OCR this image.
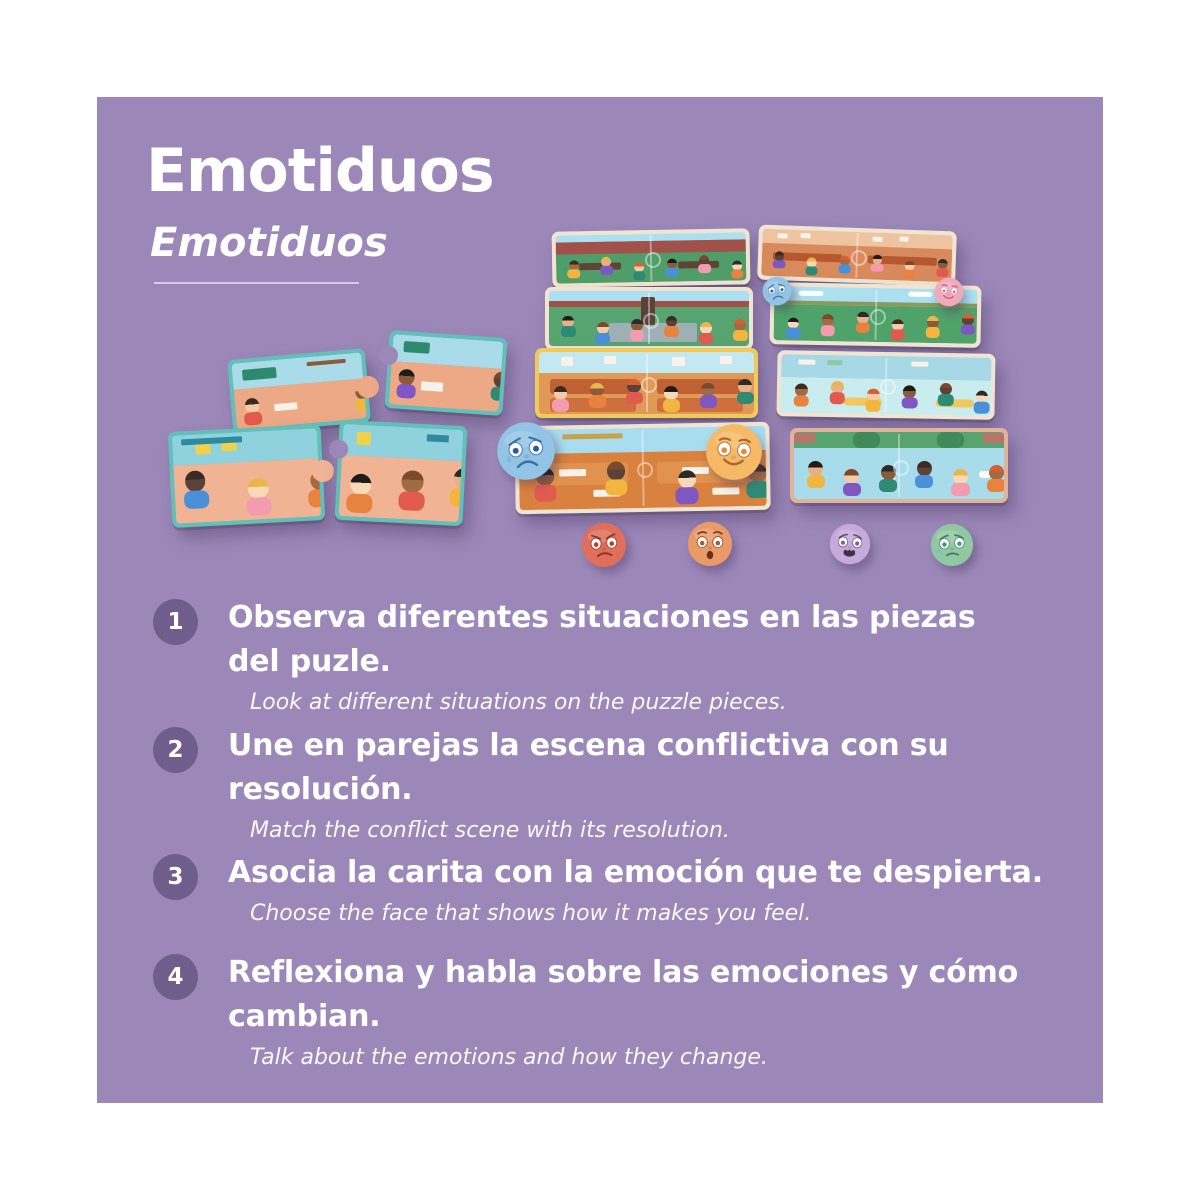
Emotiduos
Emotiduos
1	Observa diferentes situaciones en las piezas
del puzle.
Look at different situations on the puzzle pieces.
2	Une en parejas la escena conflictiva con su
resolución.
Match the conflict scene with its resolution.
3	Asocia la carita con la emoción que te despierta.
Choose the face that shows how it makes you feel.
4	Reflexiona y habla sobre las emociones y cómo
cambian.
Talk about the emotions and how they change.
